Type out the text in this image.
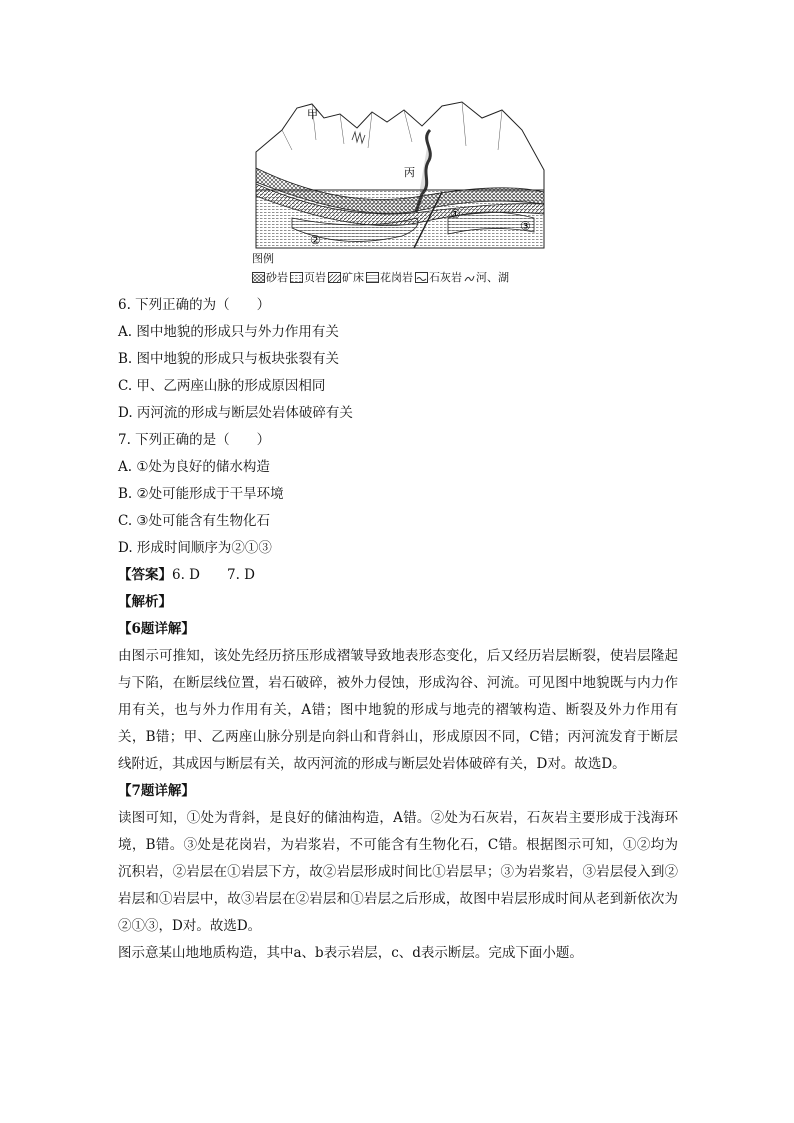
甲
丙
①
②
③
图例
砂岩 页岩 矿床 花岗岩 石灰岩 河、湖
6. 下列正确的为（　　）
A. 图中地貌的形成只与外力作用有关
B. 图中地貌的形成只与板块张裂有关
C. 甲、乙两座山脉的形成原因相同
D. 丙河流的形成与断层处岩体破碎有关
7. 下列正确的是（　　）
A. ①处为良好的储水构造
B. ②处可能形成于干旱环境
C. ③处可能含有生物化石
D. 形成时间顺序为②①③
【答案】6. D　　7. D
【解析】
【6题详解】
由图示可推知，该处先经历挤压形成褶皱导致地表形态变化，后又经历岩层断裂，使岩层隆起与下陷，在断层线位置，岩石破碎，被外力侵蚀，形成沟谷、河流。可见图中地貌既与内力作用有关，也与外力作用有关，A错；图中地貌的形成与地壳的褶皱构造、断裂及外力作用有关，B错；甲、乙两座山脉分别是向斜山和背斜山，形成原因不同，C错；丙河流发育于断层线附近，其成因与断层有关，故丙河流的形成与断层处岩体破碎有关，D对。故选D。
【7题详解】
读图可知，①处为背斜，是良好的储油构造，A错。②处为石灰岩，石灰岩主要形成于浅海环境，B错。③处是花岗岩，为岩浆岩，不可能含有生物化石，C错。根据图示可知，①②均为沉积岩，②岩层在①岩层下方，故②岩层形成时间比①岩层早；③为岩浆岩，③岩层侵入到②岩层和①岩层中，故③岩层在②岩层和①岩层之后形成，故图中岩层形成时间从老到新依次为②①③，D对。故选D。
图示意某山地地质构造，其中a、b表示岩层，c、d表示断层。完成下面小题。
